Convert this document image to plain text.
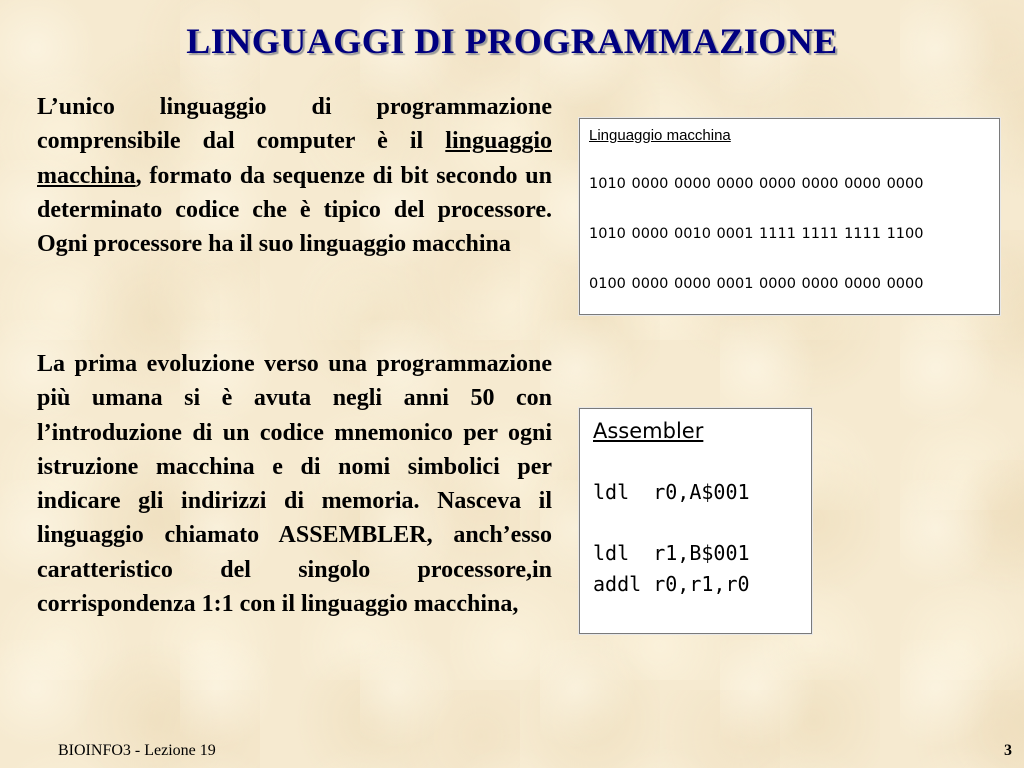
LINGUAGGI DI PROGRAMMAZIONE
L’unico linguaggio di programmazione comprensibile dal computer è il linguaggio macchina, formato da sequenze di bit secondo un determinato codice che è tipico del processore. Ogni processore ha il suo linguaggio macchina
La prima evoluzione verso una programmazione più umana si è avuta negli anni 50 con l’introduzione di un codice mnemonico per ogni istruzione macchina e di nomi simbolici per indicare gli indirizzi di memoria. Nasceva il linguaggio chiamato ASSEMBLER, anch’esso caratteristico del singolo processore,in corrispondenza 1:1 con il linguaggio macchina,
Linguaggio macchina
1010 0000 0000 0000 0000 0000 0000 0000
1010 0000 0010 0001 1111 1111 1111 1100
0100 0000 0000 0001 0000 0000 0000 0000
Assembler
ldl  r0,A$001
ldl  r1,B$001
addl r0,r1,r0
BIOINFO3 - Lezione 19	3
